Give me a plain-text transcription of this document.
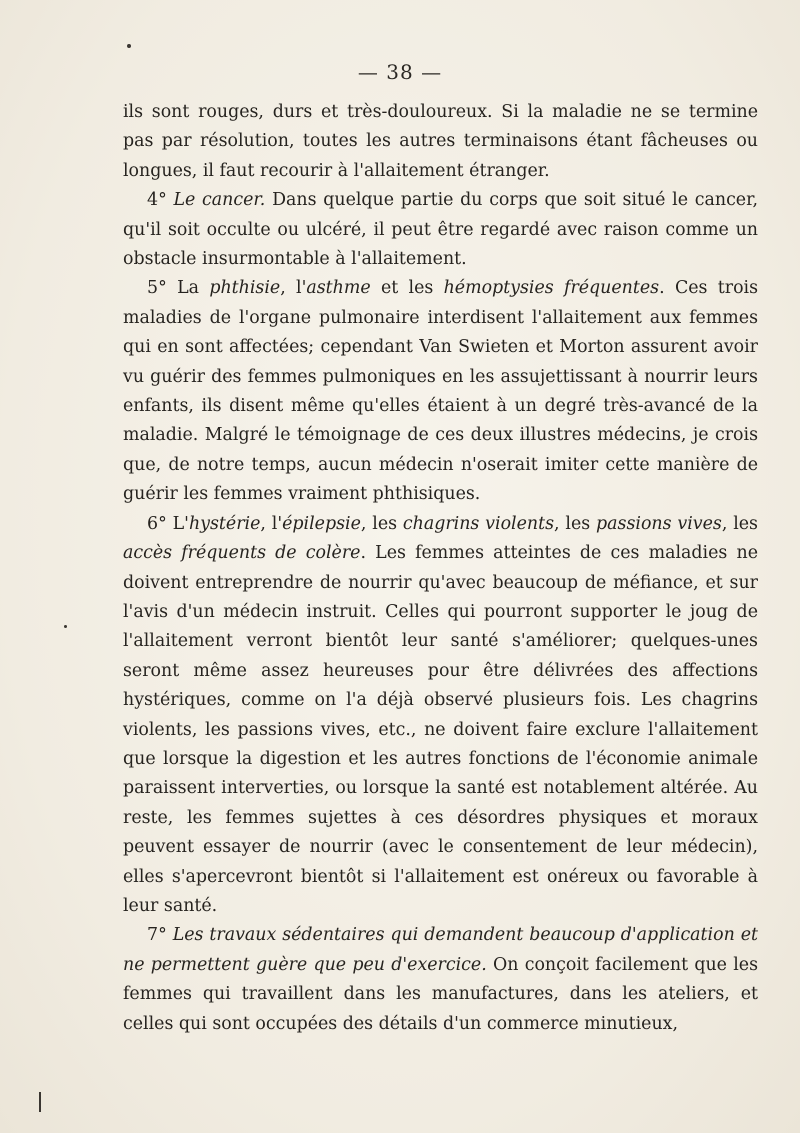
— 38 —

ils sont rouges, durs et très-douloureux. Si la maladie ne se termine pas par résolution, toutes les autres terminaisons étant fâcheuses ou longues, il faut recourir à l'allaitement étranger.

4° Le cancer. Dans quelque partie du corps que soit situé le cancer, qu'il soit occulte ou ulcéré, il peut être regardé avec raison comme un obstacle insurmontable à l'allaitement.

5° La phthisie, l'asthme et les hémoptysies fréquentes. Ces trois maladies de l'organe pulmonaire interdisent l'allaitement aux femmes qui en sont affectées; cependant Van Swieten et Morton assurent avoir vu guérir des femmes pulmoniques en les assujettissant à nourrir leurs enfants, ils disent même qu'elles étaient à un degré très-avancé de la maladie. Malgré le témoignage de ces deux illustres médecins, je crois que, de notre temps, aucun médecin n'oserait imiter cette manière de guérir les femmes vraiment phthisiques.

6° L'hystérie, l'épilepsie, les chagrins violents, les passions vives, les accès fréquents de colère. Les femmes atteintes de ces maladies ne doivent entreprendre de nourrir qu'avec beaucoup de méfiance, et sur l'avis d'un médecin instruit. Celles qui pourront supporter le joug de l'allaitement verront bientôt leur santé s'améliorer; quelques-unes seront même assez heureuses pour être délivrées des affections hystériques, comme on l'a déjà observé plusieurs fois. Les chagrins violents, les passions vives, etc., ne doivent faire exclure l'allaitement que lorsque la digestion et les autres fonctions de l'économie animale paraissent interverties, ou lorsque la santé est notablement altérée. Au reste, les femmes sujettes à ces désordres physiques et moraux peuvent essayer de nourrir (avec le consentement de leur médecin), elles s'apercevront bientôt si l'allaitement est onéreux ou favorable à leur santé.

7° Les travaux sédentaires qui demandent beaucoup d'application et ne permettent guère que peu d'exercice. On conçoit facilement que les femmes qui travaillent dans les manufactures, dans les ateliers, et celles qui sont occupées des détails d'un commerce minutieux,
